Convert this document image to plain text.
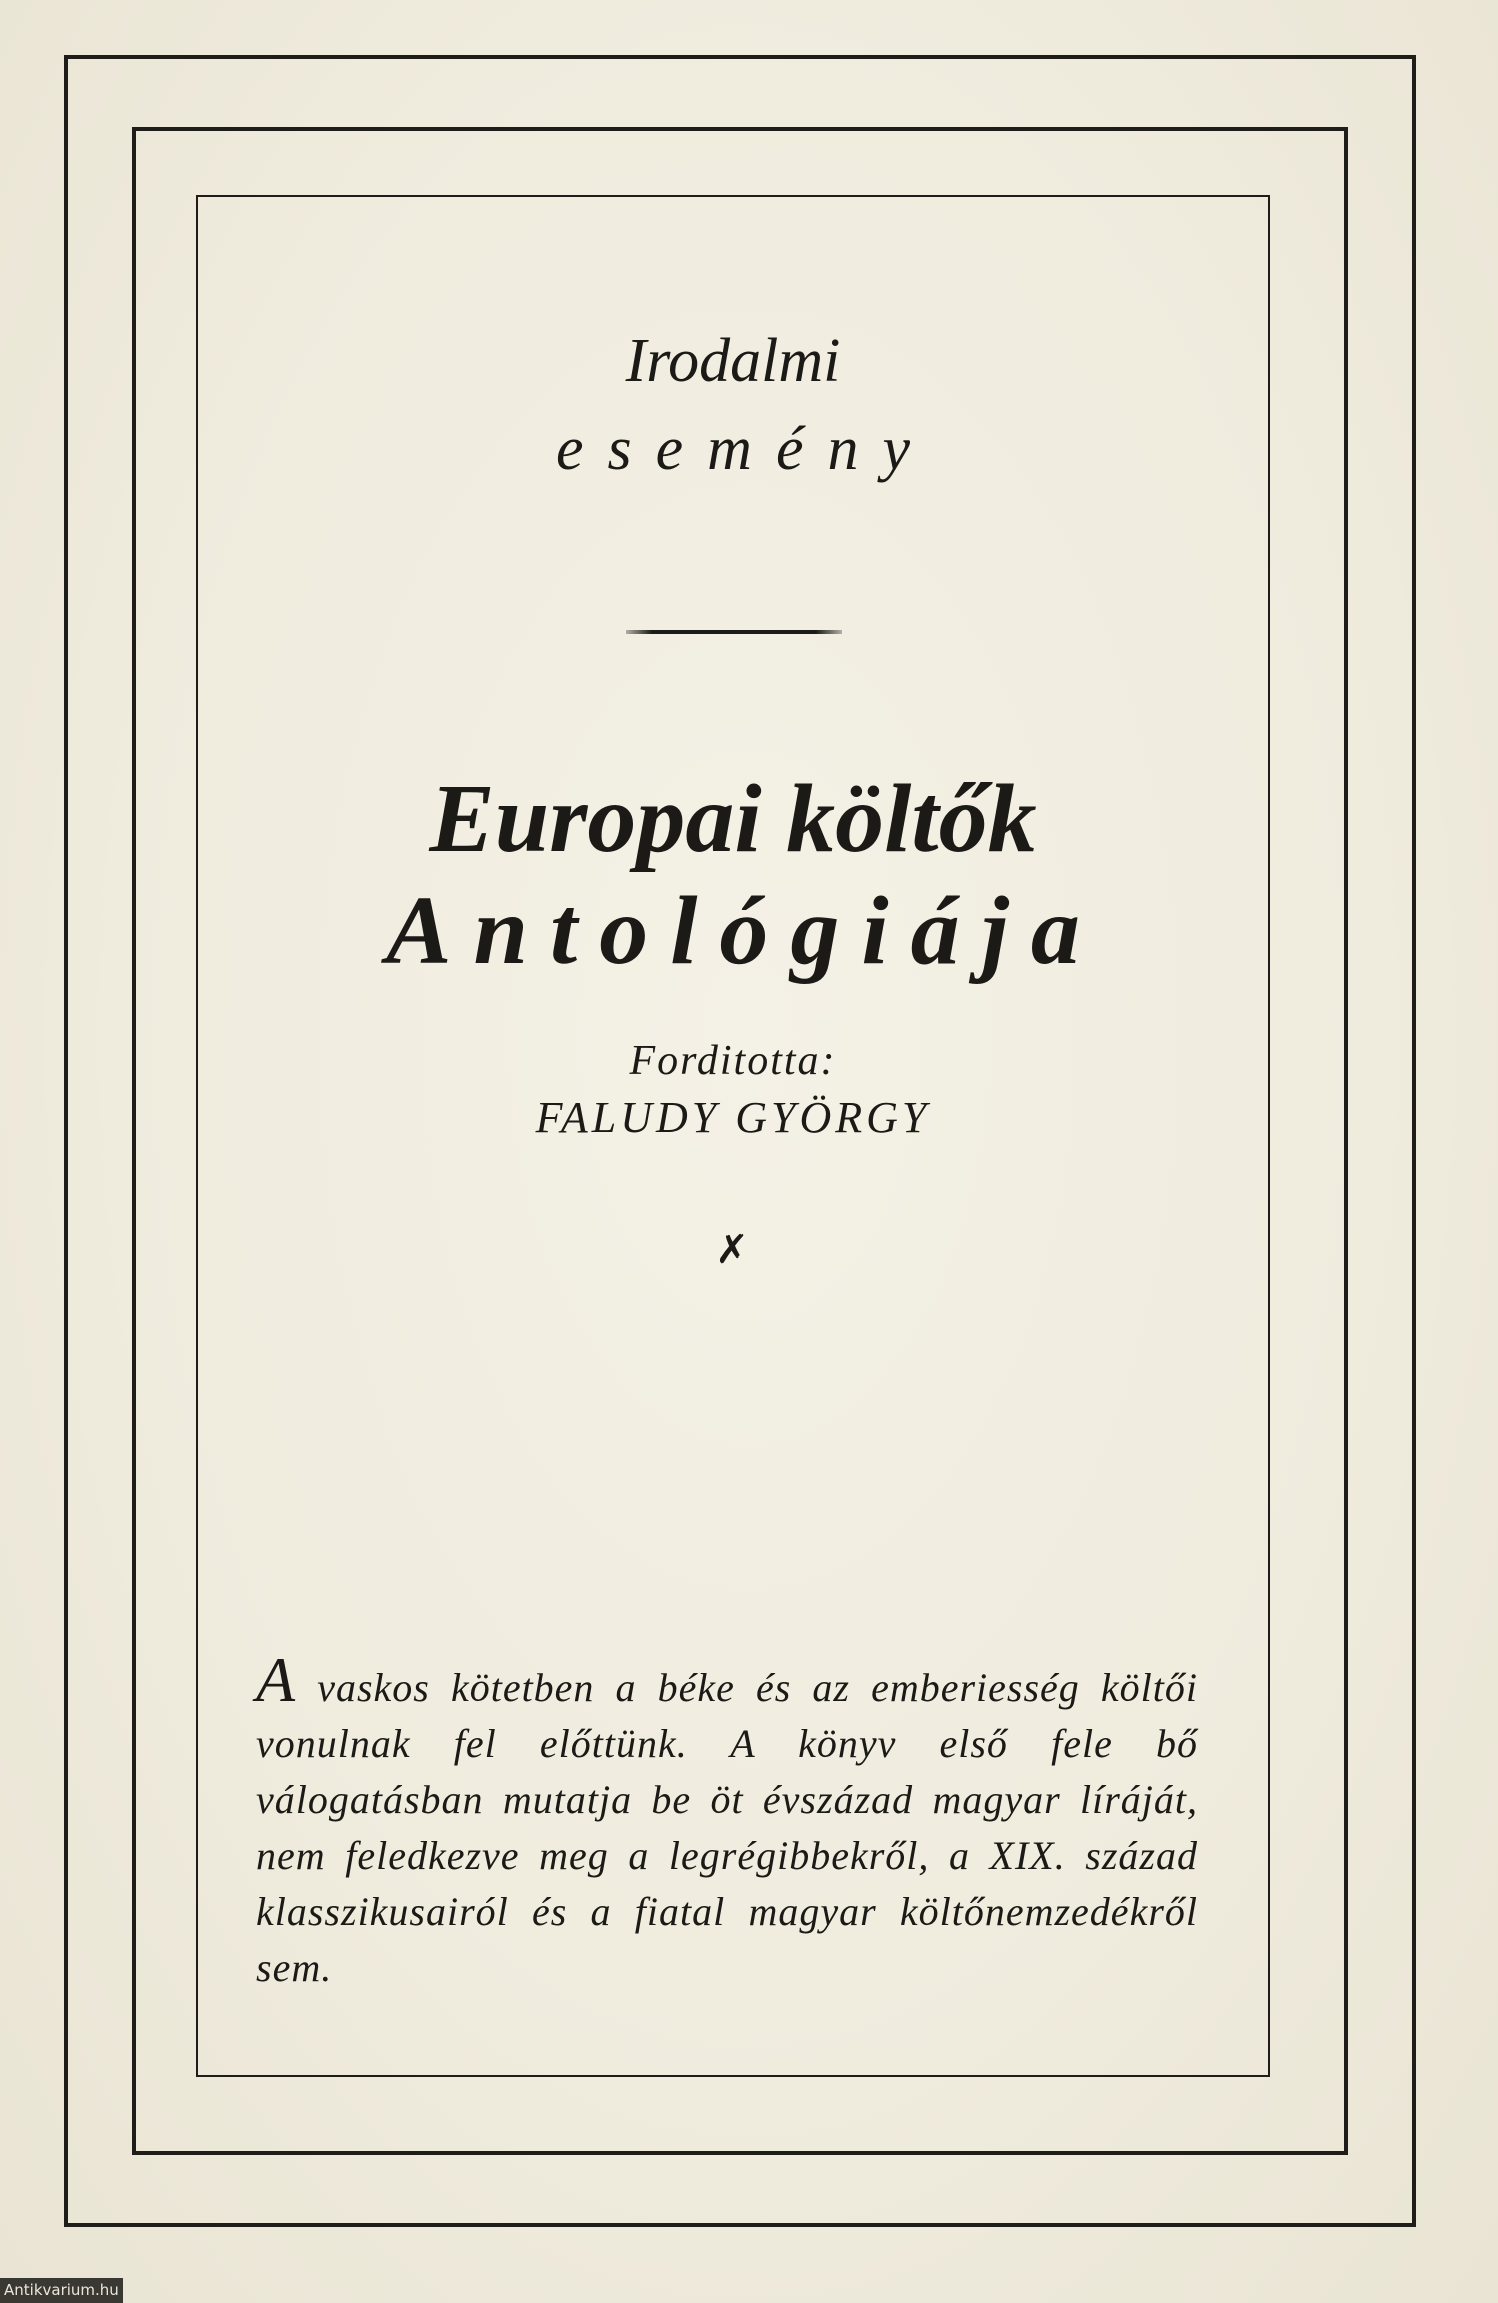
Irodalmi

esemény

Europai költők
Antológiája

Forditotta:

FALUDY GYÖRGY

✗

A vaskos kötetben a béke és az emberiesség költői vonulnak fel előttünk. A könyv első fele bő válogatásban mutatja be öt évszázad magyar líráját, nem feledkezve meg a legrégibbekről, a XIX. század klasszikusairól és a fiatal magyar költőnemzedékről sem.

Antikvarium.hu
